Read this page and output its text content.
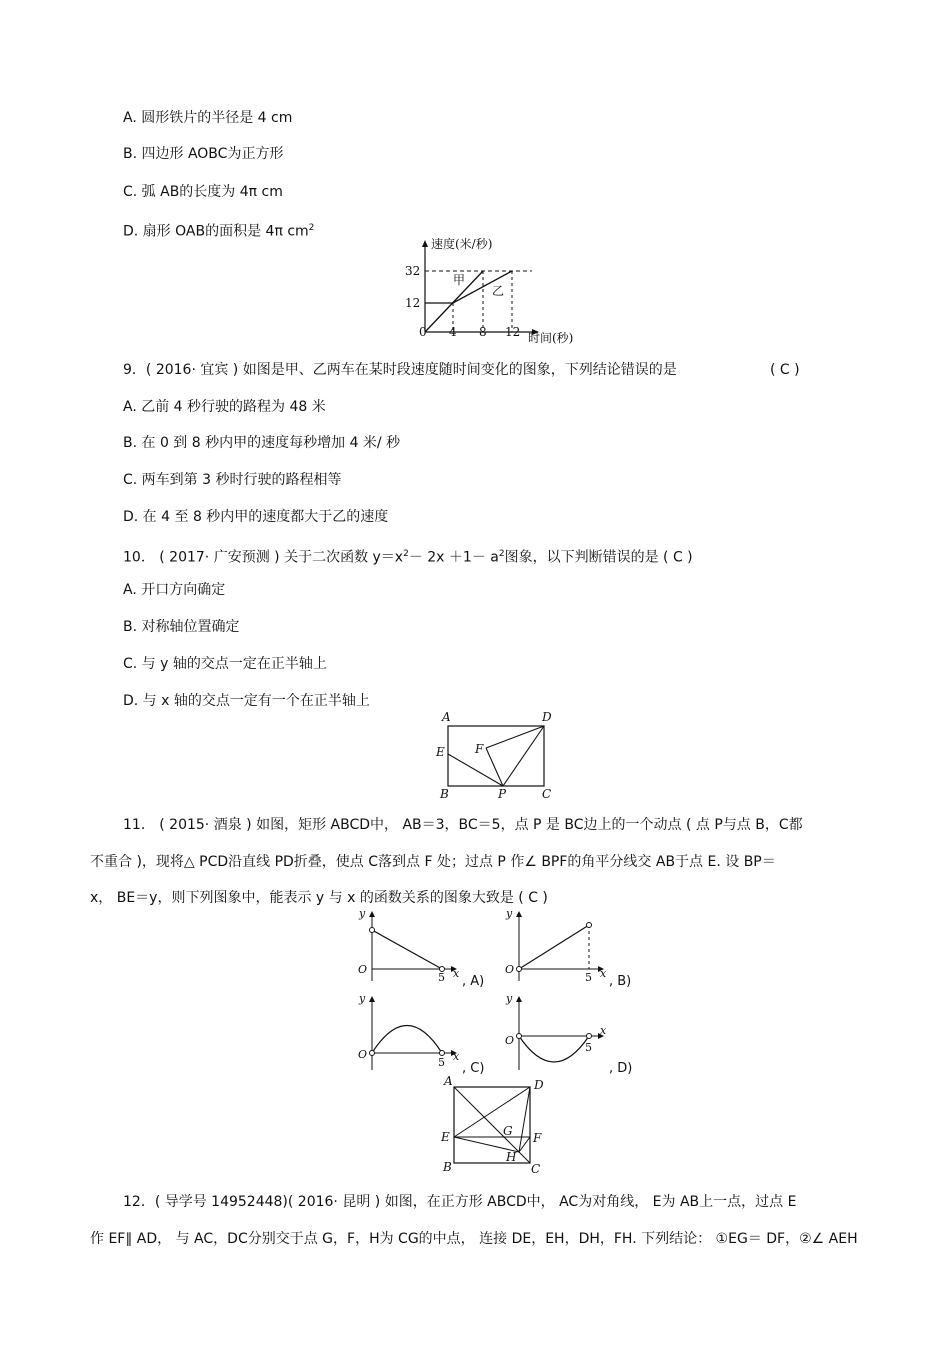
A. 圆形铁片的半径是 4 cm
B. 四边形 AOBC为正方形
C. 弧 AB的长度为 4π cm
D. 扇形 OAB的面积是 4π $cm^2$
速度(米/秒)
时间(秒)
32
12
0 4 8 12
甲
乙
9．( 2016· 宜宾 ) 如图是甲、乙两车在某时段速度随时间变化的图象，下列结论错误的是	( C )
A. 乙前 4 秒行驶的路程为 48 米
B. 在 0 到 8 秒内甲的速度每秒增加 4 米/ 秒
C. 两车到第 3 秒时行驶的路程相等
D. 在 4 至 8 秒内甲的速度都大于乙的速度
10． ( 2017· 广安预测 ) 关于二次函数 $y=x^2- 2x +1- a^2$图象，以下判断错误的是 ( C )
A. 开口方向确定
B. 对称轴位置确定
C. 与 y 轴的交点一定在正半轴上
D. 与 x 轴的交点一定有一个在正半轴上
A	D
E	F
B	P	C
11． ( 2015· 酒泉 ) 如图，矩形 ABCD中， AB＝3，BC＝5，点 P 是 BC边上的一个动点 ( 点 P与点 B，C都
不重合 )，现将△ PCD沿直线 PD折叠，使点 C落到点 F 处；过点 P 作∠ BPF的角平分线交 AB于点 E. 设 BP＝
x， BE＝y，则下列图象中，能表示 y 与 x 的函数关系的图象大致是 ( C )
y
x
O
5 , A)
y
x
O
5 , B)
y
x
O
5 , C)
y
x
O
5
, D)
A	D
E	G F
B
H
C
12．( 导学号 14952448)( 2016· 昆明 ) 如图，在正方形 ABCD中， AC为对角线， E为 AB上一点，过点 E
作 EF∥ AD， 与 AC，DC分别交于点 G，F，H为 CG的中点， 连接 DE，EH，DH，FH. 下列结论： ①EG＝ DF，②∠ AEH
